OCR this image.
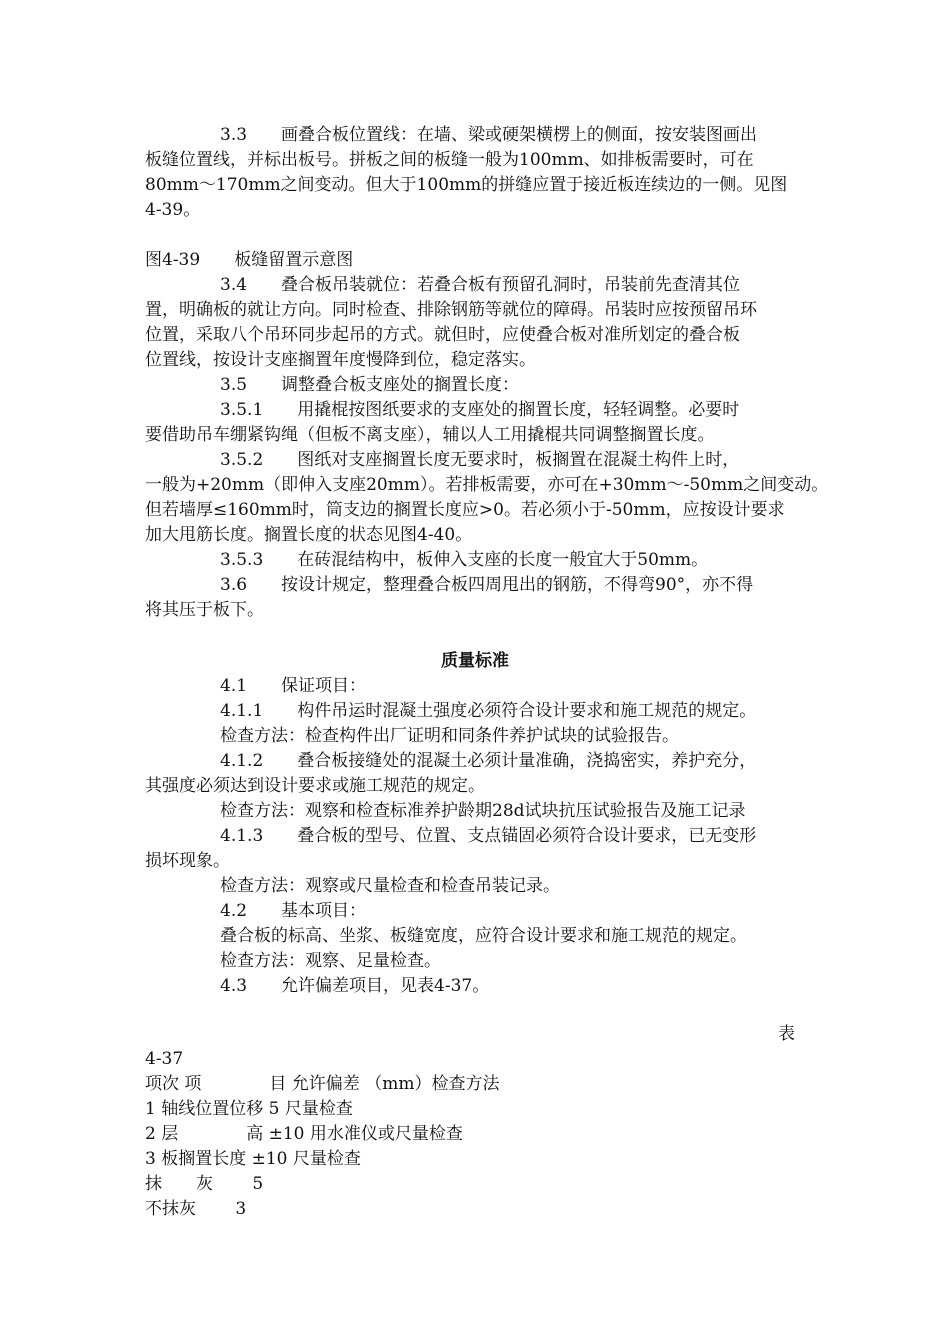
3.3　　画叠合板位置线：在墙、梁或硬架横楞上的侧面，按安装图画出
板缝位置线，并标出板号。拼板之间的板缝一般为100mm、如排板需要时，可在
80mm～170mm之间变动。但大于100mm的拼缝应置于接近板连续边的一侧。见图
4-39。
图4-39　　板缝留置示意图
3.4　　叠合板吊装就位：若叠合板有预留孔洞时，吊装前先查清其位
置，明确板的就让方向。同时检查、排除钢筋等就位的障碍。吊装时应按预留吊环
位置，采取八个吊环同步起吊的方式。就但时，应使叠合板对准所划定的叠合板
位置线，按设计支座搁置年度慢降到位，稳定落实。
3.5　　调整叠合板支座处的搁置长度：
3.5.1　　用撬棍按图纸要求的支座处的搁置长度，轻轻调整。必要时
要借助吊车绷紧钩绳（但板不离支座），辅以人工用撬棍共同调整搁置长度。
3.5.2　　图纸对支座搁置长度无要求时，板搁置在混凝土构件上时，
一般为+20mm（即伸入支座20mm）。若排板需要，亦可在+30mm～-50mm之间变动。
但若墙厚≤160mm时，筒支边的搁置长度应>0。若必须小于-50mm，应按设计要求
加大甩筋长度。搁置长度的状态见图4-40。
3.5.3　　在砖混结构中，板伸入支座的长度一般宜大于50mm。
3.6　　按设计规定，整理叠合板四周甩出的钢筋，不得弯90°，亦不得
将其压于板下。
质量标准
4.1　　保证项目：
4.1.1　　构件吊运时混凝土强度必须符合设计要求和施工规范的规定。
检查方法：检查构件出厂证明和同条件养护试块的试验报告。
4.1.2　　叠合板接缝处的混凝土必须计量准确，浇捣密实，养护充分，
其强度必须达到设计要求或施工规范的规定。
检查方法：观察和检查标准养护龄期28d试块抗压试验报告及施工记录
4.1.3　　叠合板的型号、位置、支点锚固必须符合设计要求，已无变形
损坏现象。
检查方法：观察或尺量检查和检查吊装记录。
4.2　　基本项目：
叠合板的标高、坐浆、板缝宽度，应符合设计要求和施工规范的规定。
检查方法：观察、足量检查。
4.3　　允许偏差项目，见表4-37。
表
4-37
项次 项　　　　目 允许偏差 （mm）检查方法
1 轴线位置位移 5 尺量检查
2 层　　　　高 ±10 用水准仪或尺量检查
3 板搁置长度 ±10 尺量检查
抹　　灰　　 5
不抹灰　　 3
